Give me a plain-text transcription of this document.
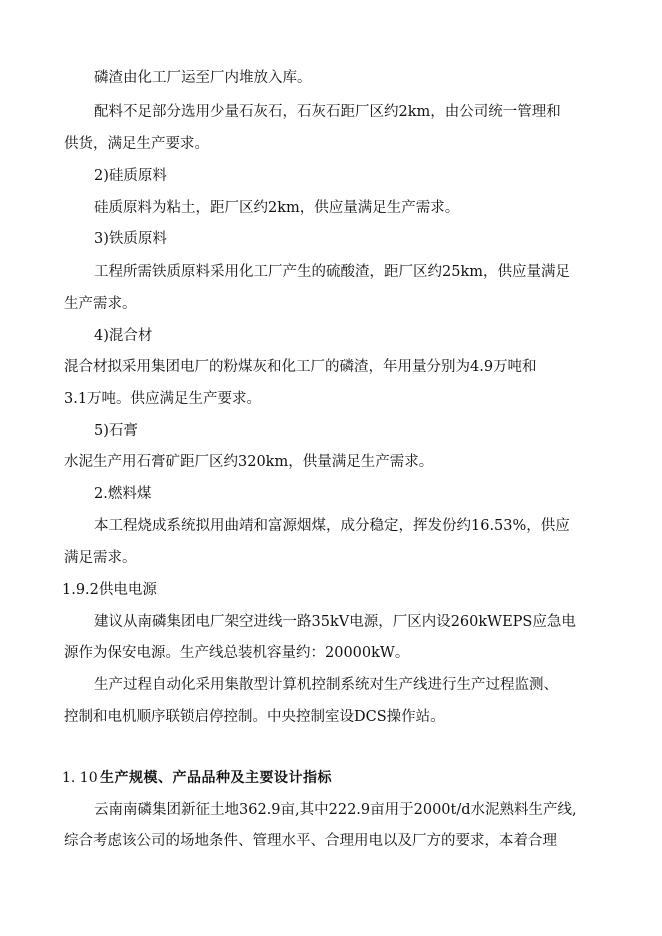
磷渣由化工厂运至厂内堆放入库。
配料不足部分选用少量石灰石，石灰石距厂区约2km，由公司统一管理和
供货，满足生产要求。
2)硅质原料
硅质原料为粘土，距厂区约2km，供应量满足生产需求。
3)铁质原料
工程所需铁质原料采用化工厂产生的硫酸渣，距厂区约25km，供应量满足
生产需求。
4)混合材
混合材拟采用集团电厂的粉煤灰和化工厂的磷渣，年用量分别为4.9万吨和
3.1万吨。供应满足生产要求。
5)石膏
水泥生产用石膏矿距厂区约320km，供量满足生产需求。
2.燃料煤
本工程烧成系统拟用曲靖和富源烟煤，成分稳定，挥发份约16.53%，供应
满足需求。
1.9.2供电电源
建议从南磷集团电厂架空进线一路35kV电源，厂区内设260kWEPS应急电
源作为保安电源。生产线总装机容量约：20000kW。
生产过程自动化采用集散型计算机控制系统对生产线进行生产过程监测、
控制和电机顺序联锁启停控制。中央控制室设DCS操作站。
1. 10 生产规模、产品品种及主要设计指标
云南南磷集团新征土地362.9亩,其中222.9亩用于2000t/d水泥熟料生产线,
综合考虑该公司的场地条件、管理水平、合理用电以及厂方的要求，本着合理
